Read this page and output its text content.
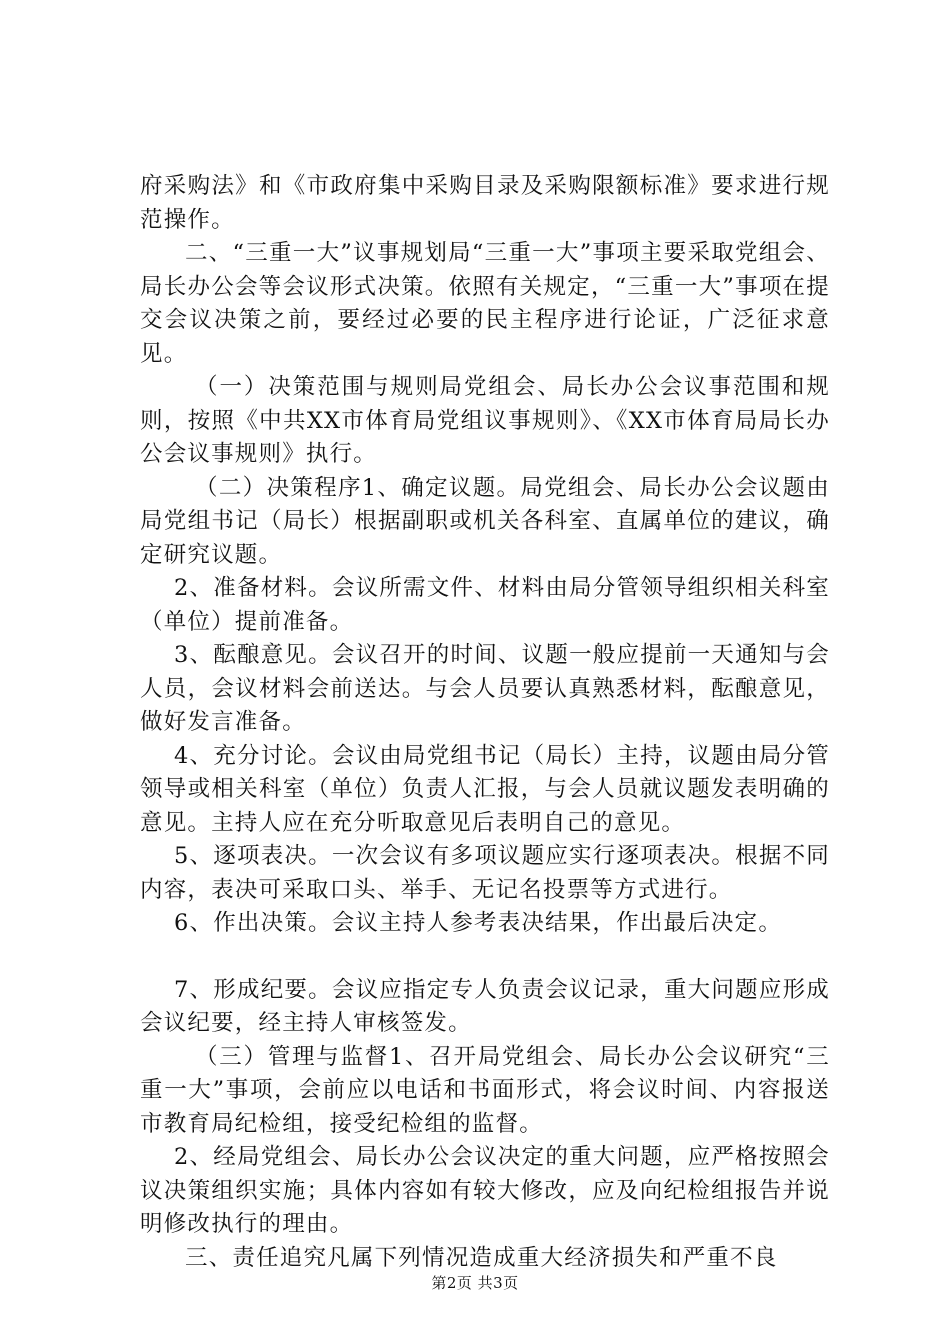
府采购法》和《市政府集中采购目录及采购限额标准》要求进行规范操作。

二、“三重一大”议事规划局“三重一大”事项主要采取党组会、局长办公会等会议形式决策。依照有关规定，“三重一大”事项在提交会议决策之前，要经过必要的民主程序进行论证，广泛征求意见。

（一）决策范围与规则局党组会、局长办公会议事范围和规则，按照《中共XX市体育局党组议事规则》、《XX市体育局局长办公会议事规则》执行。

（二）决策程序1、确定议题。局党组会、局长办公会议题由局党组书记（局长）根据副职或机关各科室、直属单位的建议，确定研究议题。

2、准备材料。会议所需文件、材料由局分管领导组织相关科室（单位）提前准备。

3、酝酿意见。会议召开的时间、议题一般应提前一天通知与会人员，会议材料会前送达。与会人员要认真熟悉材料，酝酿意见，做好发言准备。

4、充分讨论。会议由局党组书记（局长）主持，议题由局分管领导或相关科室（单位）负责人汇报，与会人员就议题发表明确的意见。主持人应在充分听取意见后表明自己的意见。

5、逐项表决。一次会议有多项议题应实行逐项表决。根据不同内容，表决可采取口头、举手、无记名投票等方式进行。

6、作出决策。会议主持人参考表决结果，作出最后决定。

7、形成纪要。会议应指定专人负责会议记录，重大问题应形成会议纪要，经主持人审核签发。

（三）管理与监督1、召开局党组会、局长办公会议研究“三重一大”事项，会前应以电话和书面形式，将会议时间、内容报送市教育局纪检组，接受纪检组的监督。

2、经局党组会、局长办公会议决定的重大问题，应严格按照会议决策组织实施；具体内容如有较大修改，应及向纪检组报告并说明修改执行的理由。

三、责任追究凡属下列情况造成重大经济损失和严重不良

第2页 共3页
